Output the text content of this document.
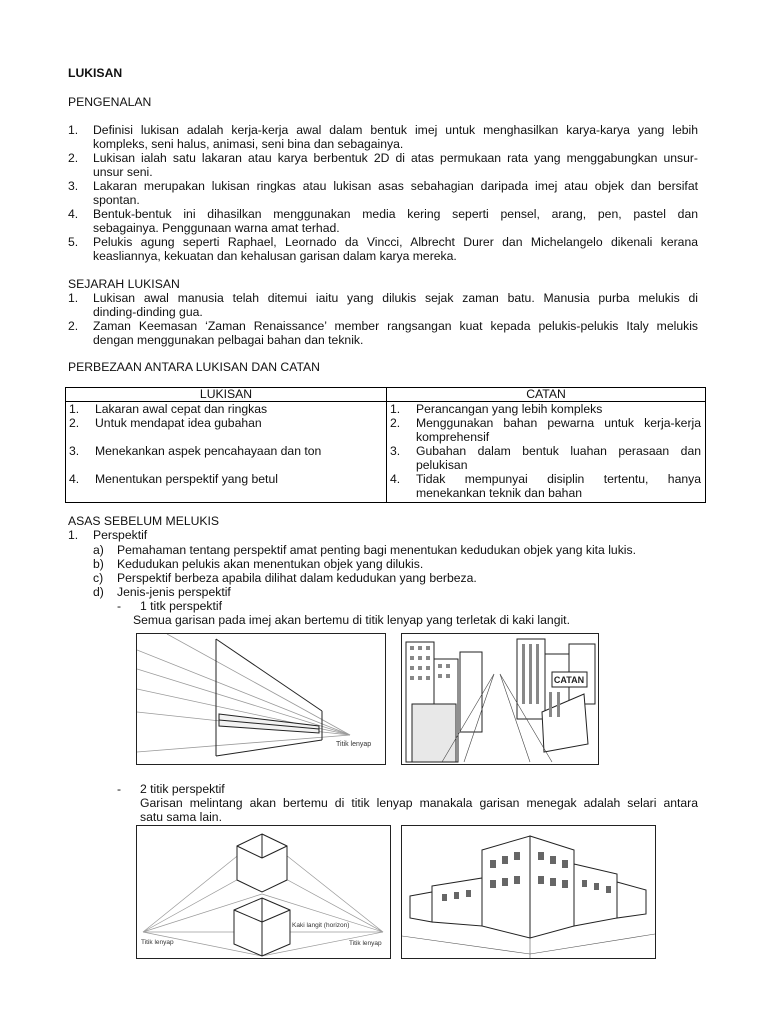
LUKISAN
PENGENALAN
1. Definisi lukisan adalah kerja-kerja awal dalam bentuk imej untuk menghasilkan karya-karya yang lebih
kompleks, seni halus, animasi, seni bina dan sebagainya.
2. Lukisan ialah satu lakaran atau karya berbentuk 2D di atas permukaan rata yang menggabungkan unsur-
unsur seni.
3. Lakaran merupakan lukisan ringkas atau lukisan asas sebahagian daripada imej atau objek dan bersifat
spontan.
4. Bentuk-bentuk ini dihasilkan menggunakan media kering seperti pensel, arang, pen, pastel dan
sebagainya. Penggunaan warna amat terhad.
5. Pelukis agung seperti Raphael, Leornado da Vincci, Albrecht Durer dan Michelangelo dikenali kerana
keasliannya, kekuatan dan kehalusan garisan dalam karya mereka.
SEJARAH LUKISAN
1. Lukisan awal manusia telah ditemui iaitu yang dilukis sejak zaman batu. Manusia purba melukis di
dinding-dinding gua.
2. Zaman Keemasan ‘Zaman Renaissance’ member rangsangan kuat kepada pelukis-pelukis Italy melukis
dengan menggunakan pelbagai bahan dan teknik.
PERBEZAAN ANTARA LUKISAN DAN CATAN
LUKISAN	CATAN

1. Lakaran awal cepat dan ringkas	1. Perancangan yang lebih kompleks

2. Untuk mendapat idea gubahan	2. Menggunakan bahan pewarna untuk kerja-kerja
komprehensif

3. Menekankan aspek pencahayaan dan ton	3. Gubahan dalam bentuk luahan perasaan dan
pelukisan

4. Menentukan perspektif yang betul	4. Tidak mempunyai disiplin tertentu, hanya
menekankan teknik dan bahan
ASAS SEBELUM MELUKIS
1. Perspektif
a) Pemahaman tentang perspektif amat penting bagi menentukan kedudukan objek yang kita lukis.
b) Kedudukan pelukis akan menentukan objek yang dilukis.
c) Perspektif berbeza apabila dilihat dalam kedudukan yang berbeza.
d) Jenis-jenis perspektif
- 1 titk perspektif
Semua garisan pada imej akan bertemu di titik lenyap yang terletak di kaki langit.
Titik lenyap
CATAN
- 2 titik perspektif
Garisan melintang akan bertemu di titik lenyap manakala garisan menegak adalah selari antara
satu sama lain.
Titik lenyap
Kaki langit (horizon)
Titik lenyap
